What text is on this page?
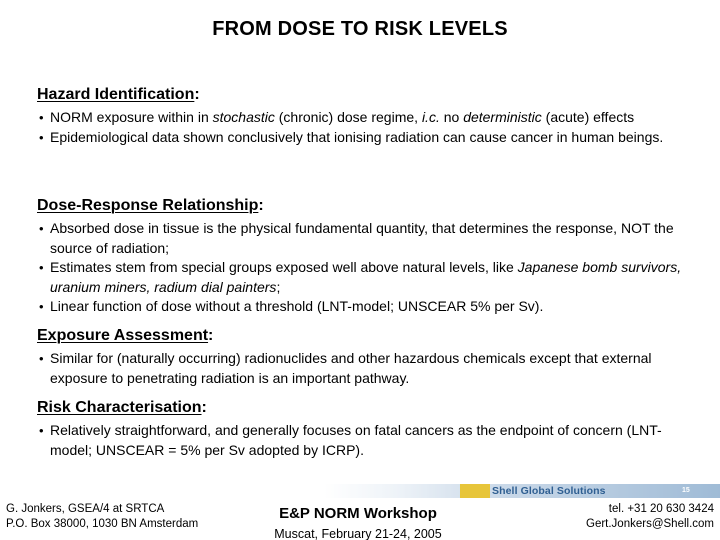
FROM DOSE TO RISK LEVELS
Hazard Identification:
• NORM exposure within in stochastic (chronic) dose regime, i.c. no deterministic (acute) effects
• Epidemiological data shown conclusively that ionising radiation can cause cancer in human beings.
Dose-Response Relationship:
• Absorbed dose in tissue is the physical fundamental quantity, that determines the response, NOT the source of radiation;
• Estimates stem from special groups exposed well above natural levels, like Japanese bomb survivors, uranium miners, radium dial painters;
• Linear function of dose without a threshold (LNT-model; UNSCEAR 5% per Sv).
Exposure Assessment:
• Similar for (naturally occurring) radionuclides and other hazardous chemicals except that external exposure to penetrating radiation is an important pathway.
Risk Characterisation:
• Relatively straightforward, and generally focuses on fatal cancers as the endpoint of concern (LNT-model; UNSCEAR = 5% per Sv adopted by ICRP).
Shell Global Solutions	15
G. Jonkers, GSEA/4 at SRTCA
P.O. Box 38000, 1030 BN Amsterdam
E&P NORM Workshop
Muscat, February 21-24, 2005
tel. +31 20 630 3424
Gert.Jonkers@Shell.com
